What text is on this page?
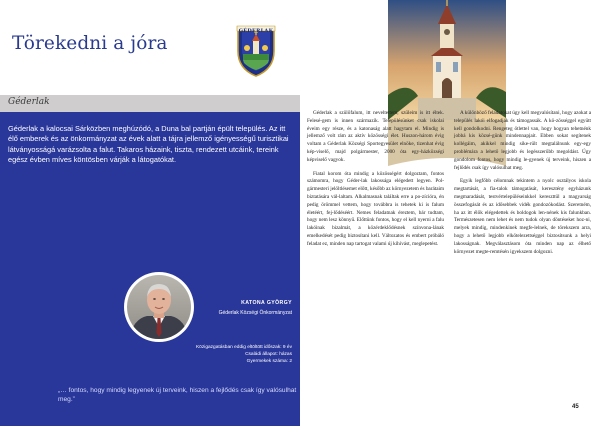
Törekedni a jóra
GÉDERLAK
Géderlak
Géderlak a kalocsai Sárközben meghúzódó, a Duna bal partján épült település. Az itt élő emberek és az önkormányzat az évek alatt a tájra jellemző igényességű turisztikai látványosságá varázsolta a falut. Takaros házaink, tiszta, rendezett utcáink, tereink egész évben míves köntösben várják a látogatókat.
KATONA GYÖRGY
Géderlak Községi Önkormányzat
Közigazgatásban eddig eltöltött időszak: 9 év
Családi állapot: házas
Gyermekek száma: 2
„… fontos, hogy mindig legyenek új terveink, hiszen a fejlődés csak így valósulhat meg.”

Géderlak a szülőfalum, itt neveltettem, szüleim is itt éltek. Felesé-gem is innen származik. Településünket csak iskolai éveim egy része, és a katonaság alatt hagytam el. Mindig is jellemző volt rám az aktív közösségi élet. Huszon-három évig voltam a Géderlak Községi Sportegyesület elnöke, tizenhat évig kép-viselő, majd polgármester, 2000 óta egy-házközségi képviselő vagyok.

Fiatal korom óta mindig a közösségért dolgoztam, fontos számomra, hogy Géder-lak lakossága elégedett legyen. Pol-gármesteri jelöltlésemet előtt, később az környezetem és barátaim biztatására vál-laltam. Alkalmasnak találtak erre a po-zícióra, én pedig örömmel vettem, hogy továbbra is tehetek ki is falum életéért, fej-lődéséért. Nemes feladatnak éreztem, bár tudtam, hogy nem lesz könnyű. Előttünk fontos, hogy el kell nyerni a falu lakóinak bizalmát, a közérdeklődésnek színvona-lának emelkedését pedig biztosítani kell. Változatos és embert próbáló feladat ez, minden nap tartogat valami új kihívást, meglepetést.

A különböző feladatokat úgy kell megvalósítani, hogy azokat a település lakói elfogadják és támogassák. A kö-zösséggel együtt kell gondolkodni. Rengeteg ötlettel van, hogy hogyan tehetnénk jobbá kis közsé-günk mindennapjait. Ebben sokat segítenek kollégáim, akikkel mindig sike-rült megtalálnunk egy-egy problémára a lehető legjobb és legésszerűbb megoldást. Úgy gondolom fontos, hogy mindig le-gyenek új terveink, hiszen a fejlődés csak így valósulhat meg.

Egyik legfőbb célomnak tekintem a nyolc osztályos iskola megtartását, a fia-talok támogatását, keresztény egyházunk megmaradását, testvértelepüléseinkkel kereszttül a magyarság összefogását és az idősebbek vidék gondozókodást. Szeretném, ha az itt élők elégedettek és boldogok len-nének kis falunkban. Természetesen nem lehet és nem tudok olyan döntéseket hoz-ni, melyek mindig, mindenkinek megfe-lelnek, de törekszem arra, hogy a lehető legjobb elkötelezettséggel biztosítsunk a helyi lakosságnak. Megválasztásom óta minden nap az élhető környezet megte-remtésén igyekszem dolgozni.

45
